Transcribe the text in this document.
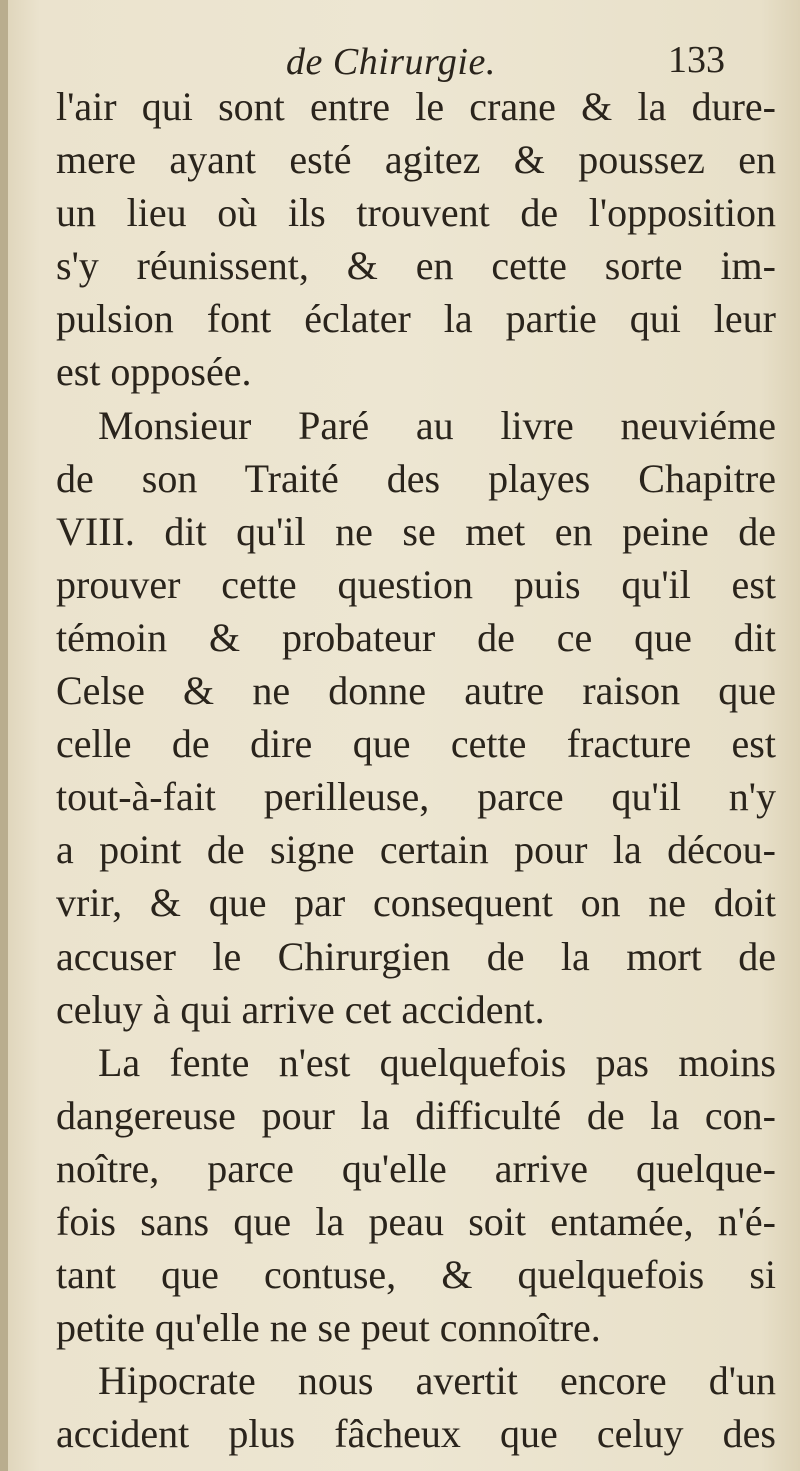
de Chirurgie.	133
l'air qui sont entre le crane & la dure-
mere ayant esté agitez & poussez en
un lieu où ils trouvent de l'opposition
s'y réunissent, & en cette sorte im-
pulsion font éclater la partie qui leur
est opposée.
Monsieur Paré au livre neuviéme
de son Traité des playes Chapitre
VIII. dit qu'il ne se met en peine de
prouver cette question puis qu'il est
témoin & probateur de ce que dit
Celse & ne donne autre raison que
celle de dire que cette fracture est
tout-à-fait perilleuse, parce qu'il n'y
a point de signe certain pour la décou-
vrir, & que par consequent on ne doit
accuser le Chirurgien de la mort de
celuy à qui arrive cet accident.
La fente n'est quelquefois pas moins
dangereuse pour la difficulté de la con-
noître, parce qu'elle arrive quelque-
fois sans que la peau soit entamée, n'é-
tant que contuse, & quelquefois si
petite qu'elle ne se peut connoître.
Hipocrate nous avertit encore d'un
accident plus fâcheux que celuy des
